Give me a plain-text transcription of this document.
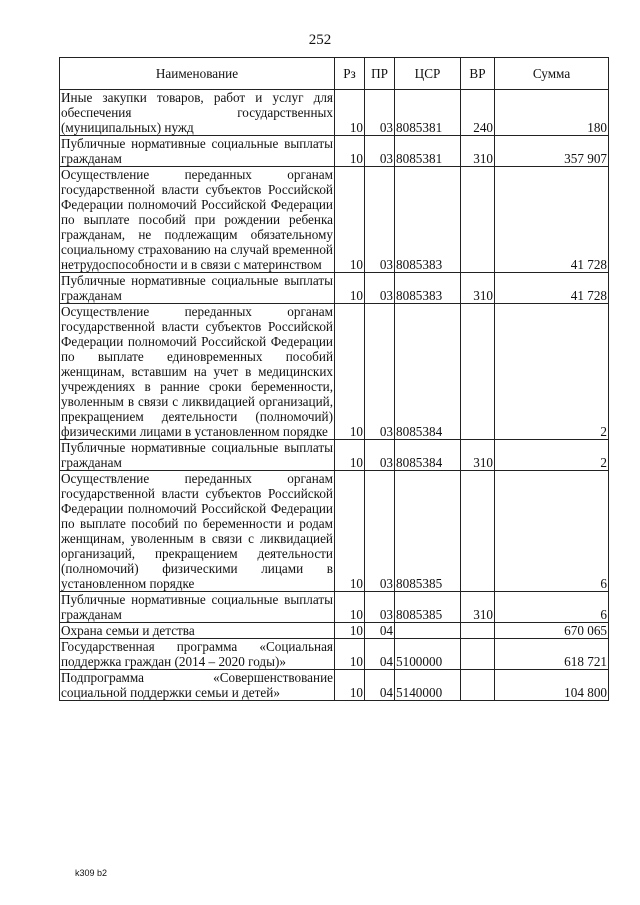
252
Наименование	Рз	ПР	ЦСР	ВР	Сумма
Иные закупки товаров, работ и услуг для обеспечения государственных (муниципальных) нужд	10	03	8085381	240	180
Публичные нормативные социальные выплаты гражданам	10	03	8085381	310	357 907
Осуществление переданных органам государственной власти субъектов Российской Федерации полномочий Российской Федерации по выплате пособий при рождении ребенка гражданам, не подлежащим обязательному социальному страхованию на случай временной нетрудоспособности и в связи с материнством	10	03	8085383		41 728
Публичные нормативные социальные выплаты гражданам	10	03	8085383	310	41 728
Осуществление переданных органам государственной власти субъектов Российской Федерации полномочий Российской Федерации по выплате единовременных пособий женщинам, вставшим на учет в медицинских учреждениях в ранние сроки беременности, уволенным в связи с ликвидацией организаций, прекращением деятельности (полномочий) физическими лицами в установленном порядке	10	03	8085384		2
Публичные нормативные социальные выплаты гражданам	10	03	8085384	310	2
Осуществление переданных органам государственной власти субъектов Российской Федерации полномочий Российской Федерации по выплате пособий по беременности и родам женщинам, уволенным в связи с ликвидацией организаций, прекращением деятельности (полномочий) физическими лицами в установленном порядке	10	03	8085385		6
Публичные нормативные социальные выплаты гражданам	10	03	8085385	310	6
Охрана семьи и детства	10	04			670 065
Государственная программа «Социальная поддержка граждан (2014 – 2020 годы)»	10	04	5100000		618 721
Подпрограмма «Совершенствование социальной поддержки семьи и детей»	10	04	5140000		104 800
k309 b2
